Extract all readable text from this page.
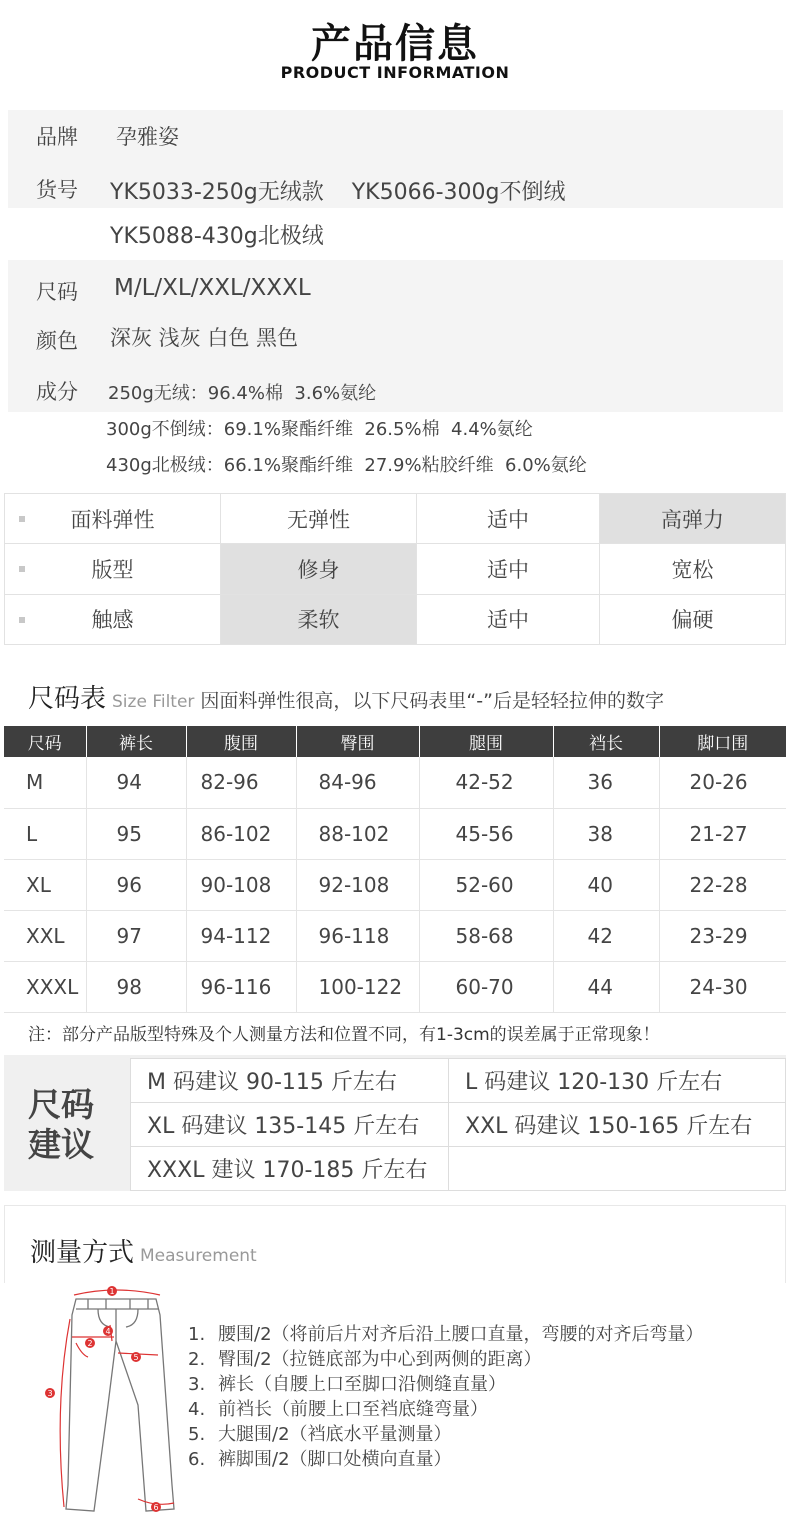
产品信息
PRODUCT INFORMATION
品牌 孕雅姿
货号 YK5033-250g无绒款    YK5066-300g不倒绒
YK5088-430g北极绒
尺码 M/L/XL/XXL/XXXL
颜色 深灰 浅灰 白色 黑色
成分 250g无绒：96.4%棉  3.6%氨纶
300g不倒绒：69.1%聚酯纤维  26.5%棉  4.4%氨纶
430g北极绒：66.1%聚酯纤维  27.9%粘胶纤维  6.0%氨纶
面料弹性	无弹性	适中	高弹力

版型	修身	适中	宽松

触感	柔软	适中	偏硬
尺码表 Size Filter 因面料弹性很高，以下尺码表里“-”后是轻轻拉伸的数字
尺码	裤长	腹围	臀围	腿围	裆长	脚口围
M	94	82-96	84-96	42-52	36	20-26
L	95	86-102	88-102	45-56	38	21-27
XL	96	90-108	92-108	52-60	40	22-28
XXL	97	94-112	96-118	58-68	42	23-29
XXXL	98	96-116	100-122	60-70	44	24-30
注：部分产品版型特殊及个人测量方法和位置不同，有1-3cm的误差属于正常现象！
尺码
建议
M 码建议 90-115 斤左右	L 码建议 120-130 斤左右
XL 码建议 135-145 斤左右	XXL 码建议 150-165 斤左右
XXXL 建议 170-185 斤左右	
测量方式 Measurement
1
2
3
4
5
6
1. 腰围/2（将前后片对齐后沿上腰口直量，弯腰的对齐后弯量）
2. 臀围/2（拉链底部为中心到两侧的距离）
3. 裤长（自腰上口至脚口沿侧缝直量）
4. 前裆长（前腰上口至裆底缝弯量）
5. 大腿围/2（裆底水平量测量）
6. 裤脚围/2（脚口处横向直量）
